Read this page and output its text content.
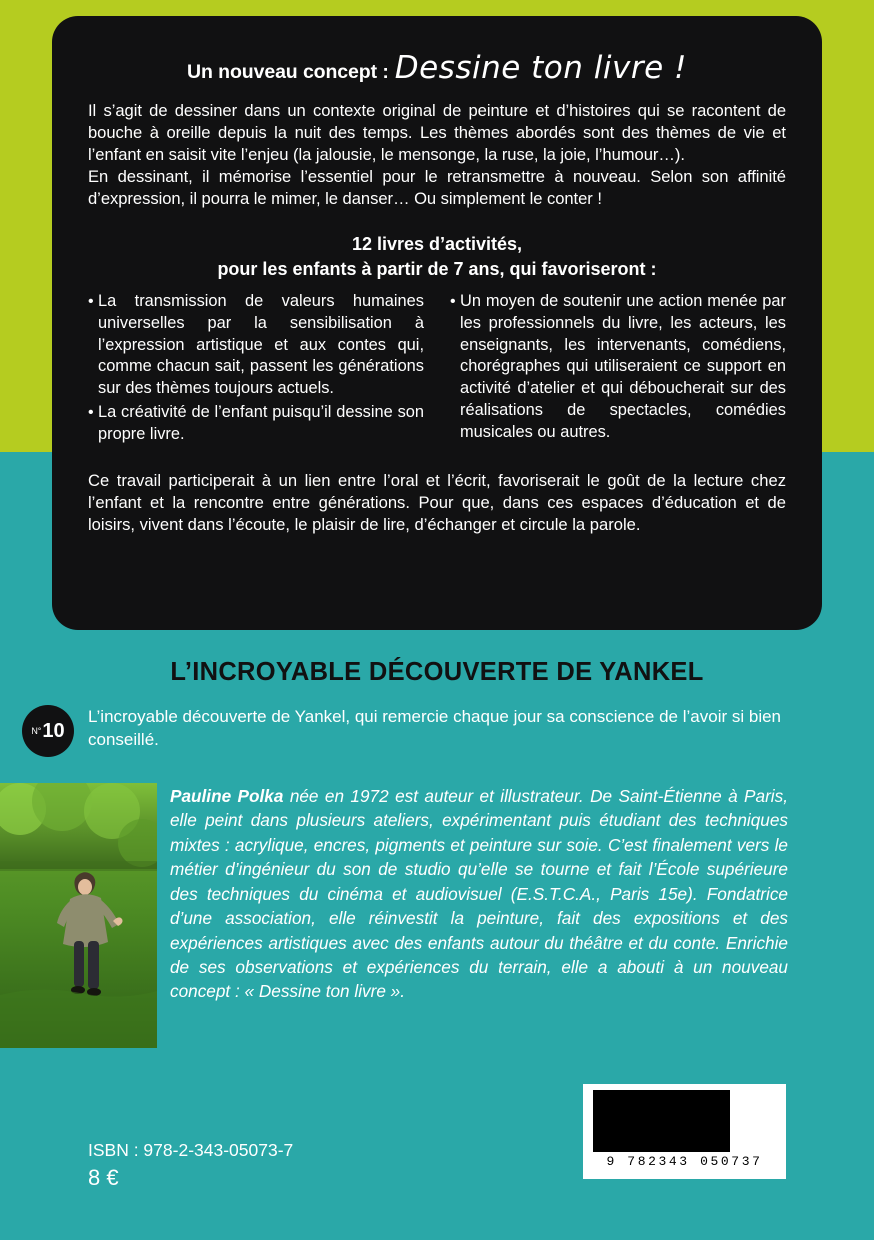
Un nouveau concept : Dessine ton livre !

Il s’agit de dessiner dans un contexte original de peinture et d’histoires qui se racontent de bouche à oreille depuis la nuit des temps. Les thèmes abordés sont des thèmes de vie et l’enfant en saisit vite l’enjeu (la jalousie, le mensonge, la ruse, la joie, l’humour…).

En dessinant, il mémorise l’essentiel pour le retransmettre à nouveau. Selon son affinité d’expression, il pourra le mimer, le danser… Ou simplement le conter !

12 livres d’activités,
pour les enfants à partir de 7 ans, qui favoriseront :
• La transmission de valeurs humaines universelles par la sensibilisation à l’expression artistique et aux contes qui, comme chacun sait, passent les générations sur des thèmes toujours actuels.
• La créativité de l’enfant puisqu’il dessine son propre livre.
• Un moyen de soutenir une action menée par les professionnels du livre, les acteurs, les enseignants, les intervenants, comédiens, chorégraphes qui utiliseraient ce support en activité d’atelier et qui déboucherait sur des réalisations de spectacles, comédies musicales ou autres.

Ce travail participerait à un lien entre l’oral et l’écrit, favoriserait le goût de la lecture chez l’enfant et la rencontre entre générations. Pour que, dans ces espaces d’éducation et de loisirs, vivent dans l’écoute, le plaisir de lire, d’échanger et circule la parole.

L’INCROYABLE DÉCOUVERTE DE YANKEL
N° 10

L’incroyable découverte de Yankel, qui remercie chaque jour sa conscience de l’avoir si bien conseillé.

Pauline Polka née en 1972 est auteur et illustrateur. De Saint-Étienne à Paris, elle peint dans plusieurs ateliers, expérimentant puis étudiant des techniques mixtes : acrylique, encres, pigments et peinture sur soie. C’est finalement vers le métier d’ingénieur du son de studio qu’elle se tourne et fait l’École supérieure des techniques du cinéma et audiovisuel (E.S.T.C.A., Paris 15e). Fondatrice d’une association, elle réinvestit la peinture, fait des expositions et des expériences artistiques avec des enfants autour du théâtre et du conte. Enrichie de ses observations et expériences du terrain, elle a abouti à un nouveau concept : « Dessine ton livre ».

9 782343 050737
ISBN : 978-2-343-05073-7
8 €
